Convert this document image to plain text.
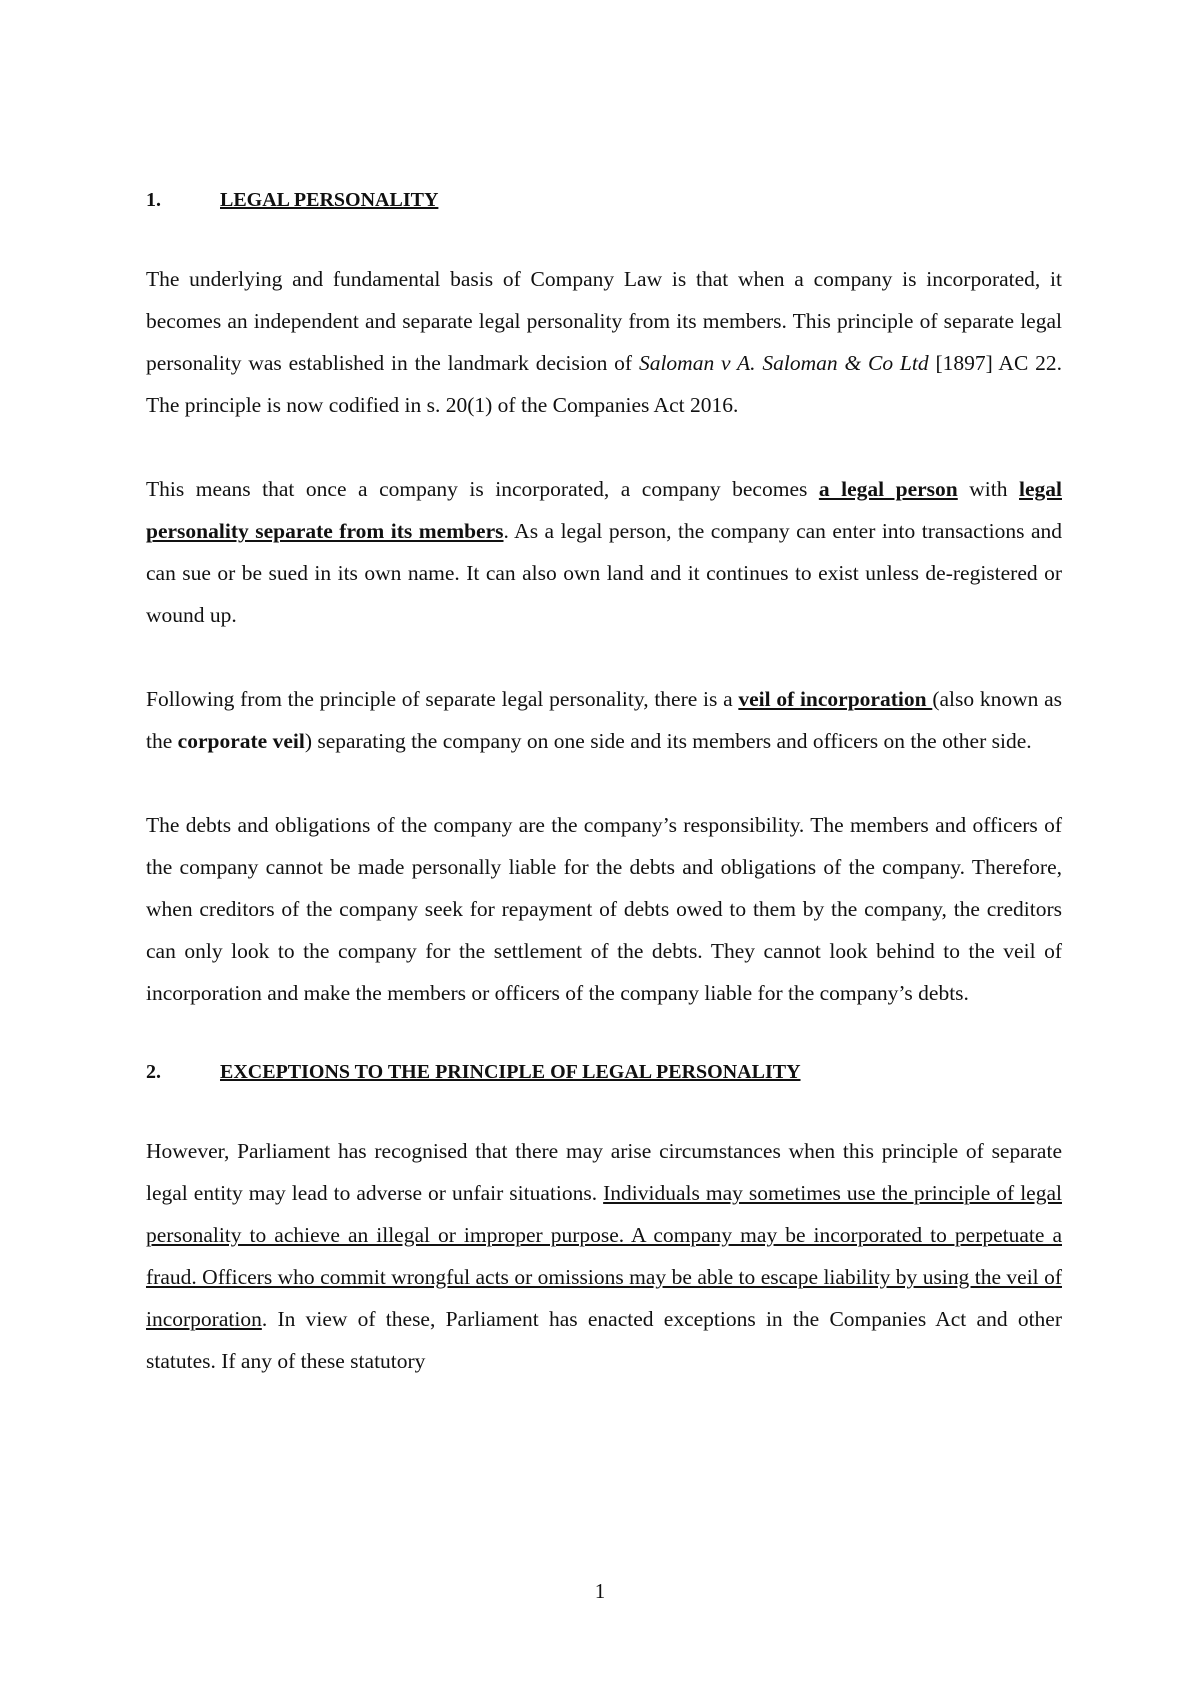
1.	LEGAL PERSONALITY

The underlying and fundamental basis of Company Law is that when a company is incorporated, it becomes an independent and separate legal personality from its members. This principle of separate legal personality was established in the landmark decision of Saloman v A. Saloman & Co Ltd [1897] AC 22. The principle is now codified in s. 20(1) of the Companies Act 2016.

This means that once a company is incorporated, a company becomes a legal person with legal personality separate from its members. As a legal person, the company can enter into transactions and can sue or be sued in its own name. It can also own land and it continues to exist unless de-registered or wound up.

Following from the principle of separate legal personality, there is a veil of incorporation (also known as the corporate veil) separating the company on one side and its members and officers on the other side.

The debts and obligations of the company are the company’s responsibility. The members and officers of the company cannot be made personally liable for the debts and obligations of the company. Therefore, when creditors of the company seek for repayment of debts owed to them by the company, the creditors can only look to the company for the settlement of the debts. They cannot look behind to the veil of incorporation and make the members or officers of the company liable for the company’s debts.

2.	EXCEPTIONS TO THE PRINCIPLE OF LEGAL PERSONALITY

However, Parliament has recognised that there may arise circumstances when this principle of separate legal entity may lead to adverse or unfair situations. Individuals may sometimes use the principle of legal personality to achieve an illegal or improper purpose. A company may be incorporated to perpetuate a fraud. Officers who commit wrongful acts or omissions may be able to escape liability by using the veil of incorporation. In view of these, Parliament has enacted exceptions in the Companies Act and other statutes. If any of these statutory

1
